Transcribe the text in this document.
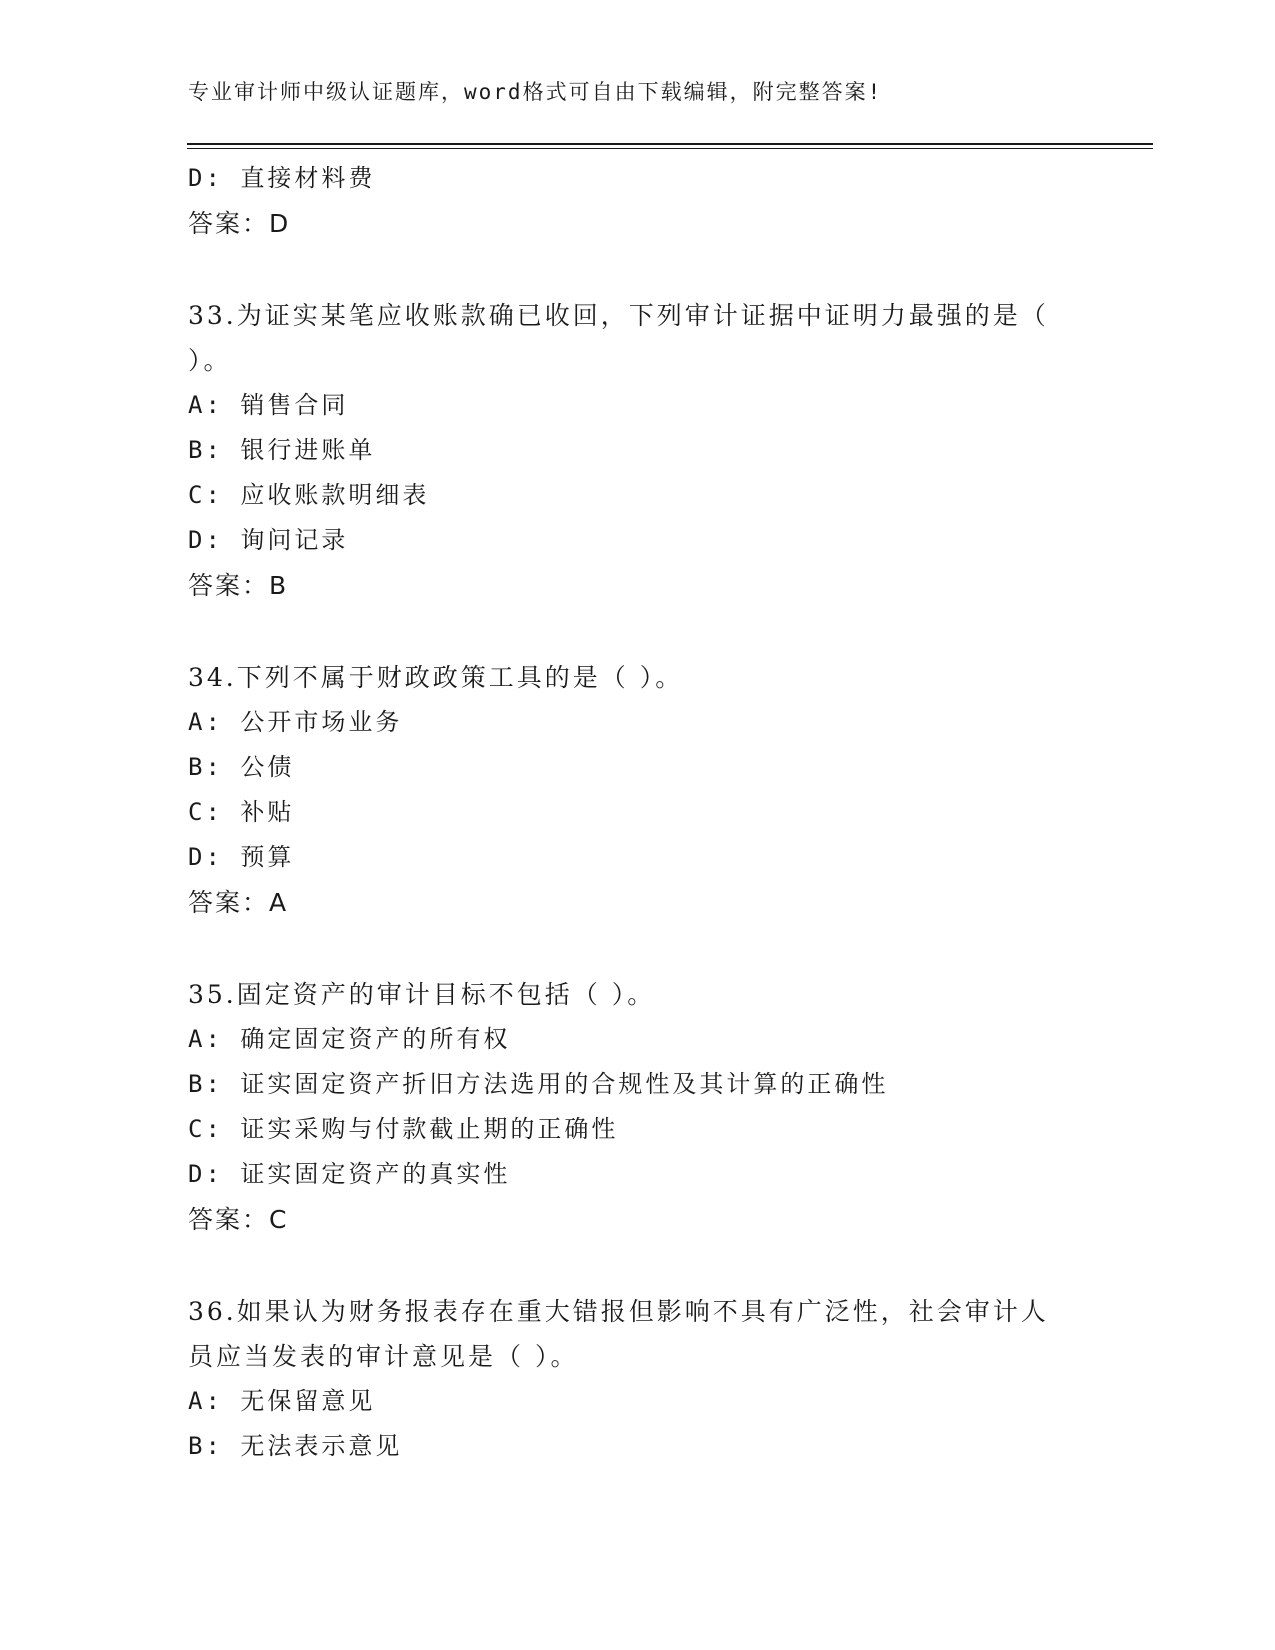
专业审计师中级认证题库，word格式可自由下载编辑，附完整答案!
D: 直接材料费
答案：D
33.为证实某笔应收账款确已收回，下列审计证据中证明力最强的是（
）。
A: 销售合同
B: 银行进账单
C: 应收账款明细表
D: 询问记录
答案：B
34.下列不属于财政政策工具的是（ ）。
A: 公开市场业务
B: 公债
C: 补贴
D: 预算
答案：A
35.固定资产的审计目标不包括（ ）。
A: 确定固定资产的所有权
B: 证实固定资产折旧方法选用的合规性及其计算的正确性
C: 证实采购与付款截止期的正确性
D: 证实固定资产的真实性
答案：C
36.如果认为财务报表存在重大错报但影响不具有广泛性，社会审计人
员应当发表的审计意见是（ ）。
A: 无保留意见
B: 无法表示意见
